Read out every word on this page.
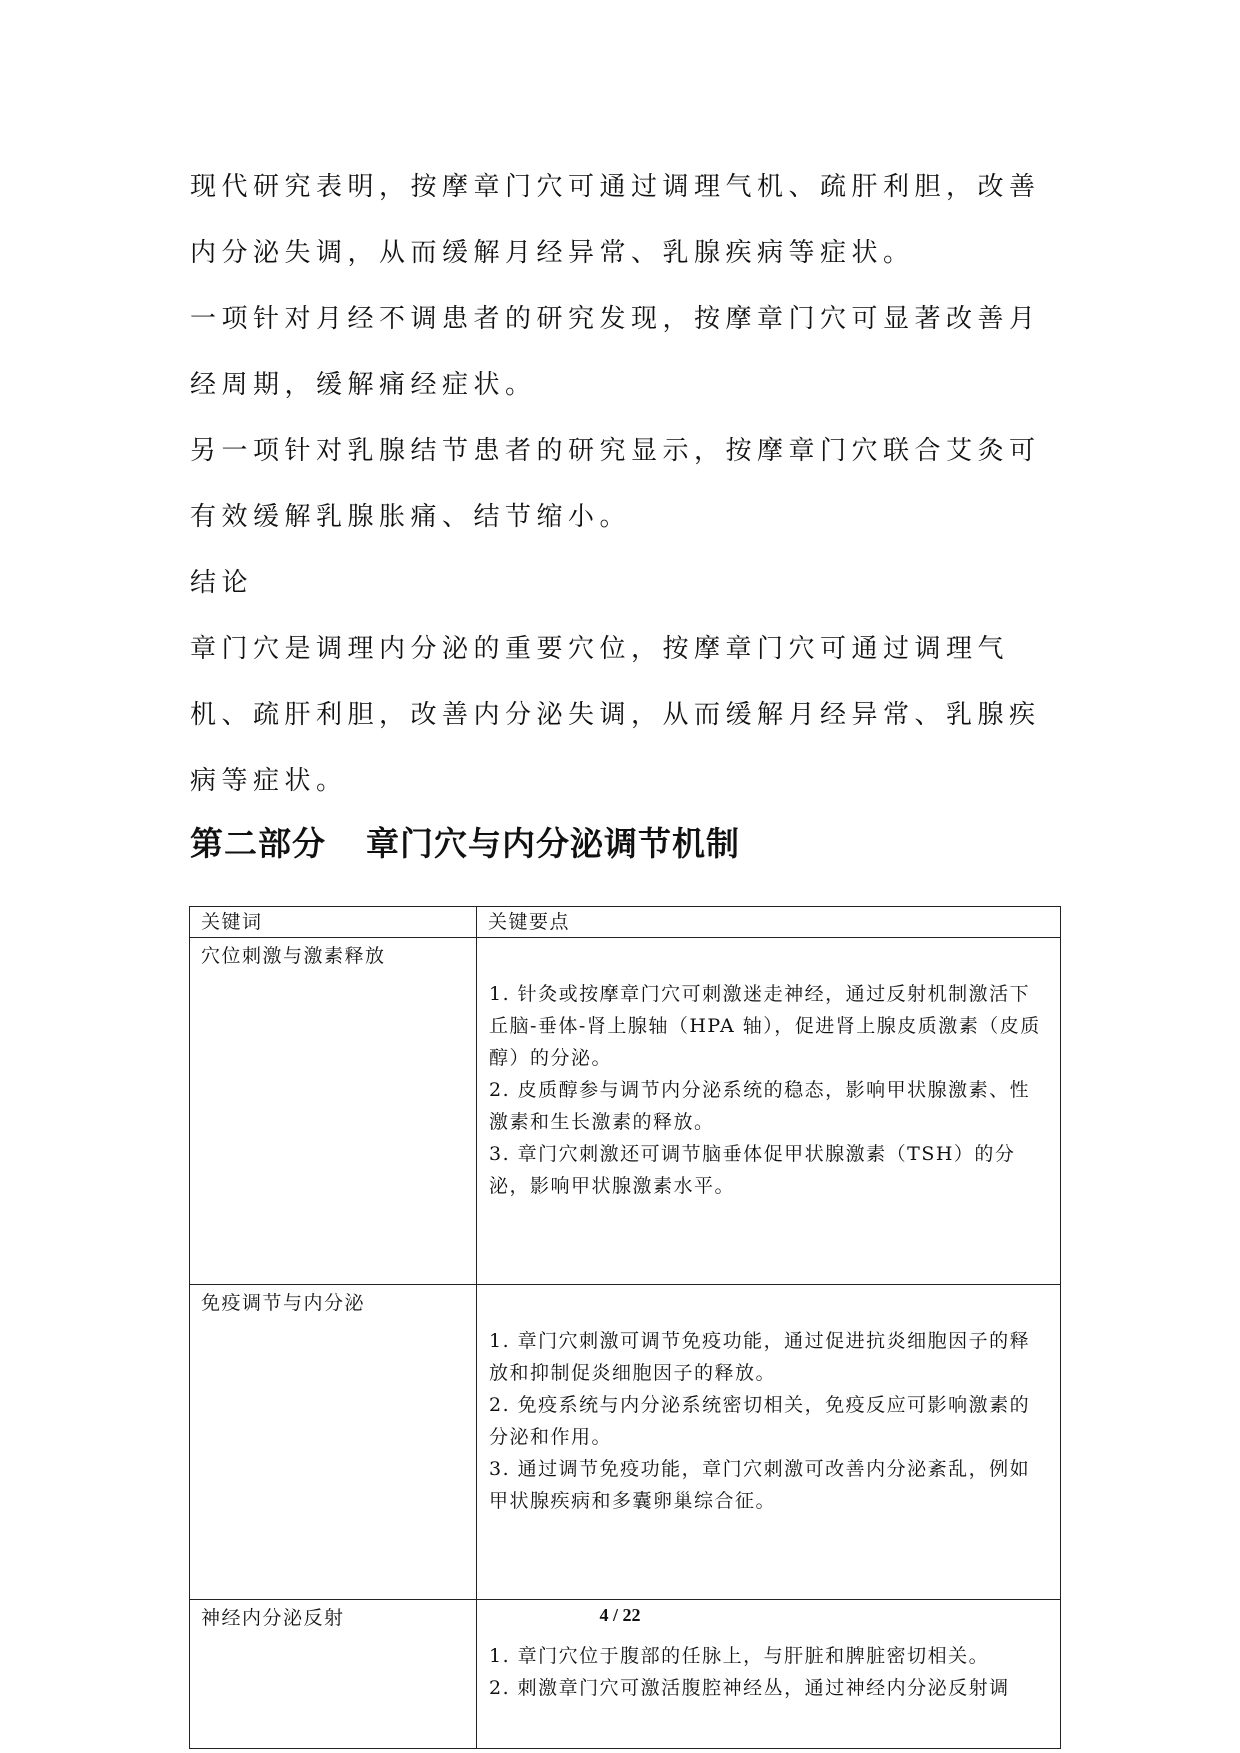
现代研究表明，按摩章门穴可通过调理气机、疏肝利胆，改善内分泌失调，从而缓解月经异常、乳腺疾病等症状。

一项针对月经不调患者的研究发现，按摩章门穴可显著改善月经周期，缓解痛经症状。

另一项针对乳腺结节患者的研究显示，按摩章门穴联合艾灸可有效缓解乳腺胀痛、结节缩小。

结论

章门穴是调理内分泌的重要穴位，按摩章门穴可通过调理气机、疏肝利胆，改善内分泌失调，从而缓解月经异常、乳腺疾病等症状。

第二部分 章门穴与内分泌调节机制
关键词	关键要点
穴位刺激与激素释放	1. 针灸或按摩章门穴可刺激迷走神经，通过反射机制激活下丘脑-垂体-肾上腺轴（HPA 轴），促进肾上腺皮质激素（皮质醇）的分泌。

2. 皮质醇参与调节内分泌系统的稳态，影响甲状腺激素、性激素和生长激素的释放。

3. 章门穴刺激还可调节脑垂体促甲状腺激素（TSH）的分泌，影响甲状腺激素水平。

免疫调节与内分泌	1. 章门穴刺激可调节免疫功能，通过促进抗炎细胞因子的释放和抑制促炎细胞因子的释放。

2. 免疫系统与内分泌系统密切相关，免疫反应可影响激素的分泌和作用。

3. 通过调节免疫功能，章门穴刺激可改善内分泌紊乱，例如甲状腺疾病和多囊卵巢综合征。

神经内分泌反射	1. 章门穴位于腹部的任脉上，与肝脏和脾脏密切相关。

2. 刺激章门穴可激活腹腔神经丛，通过神经内分泌反射调

4 / 22
